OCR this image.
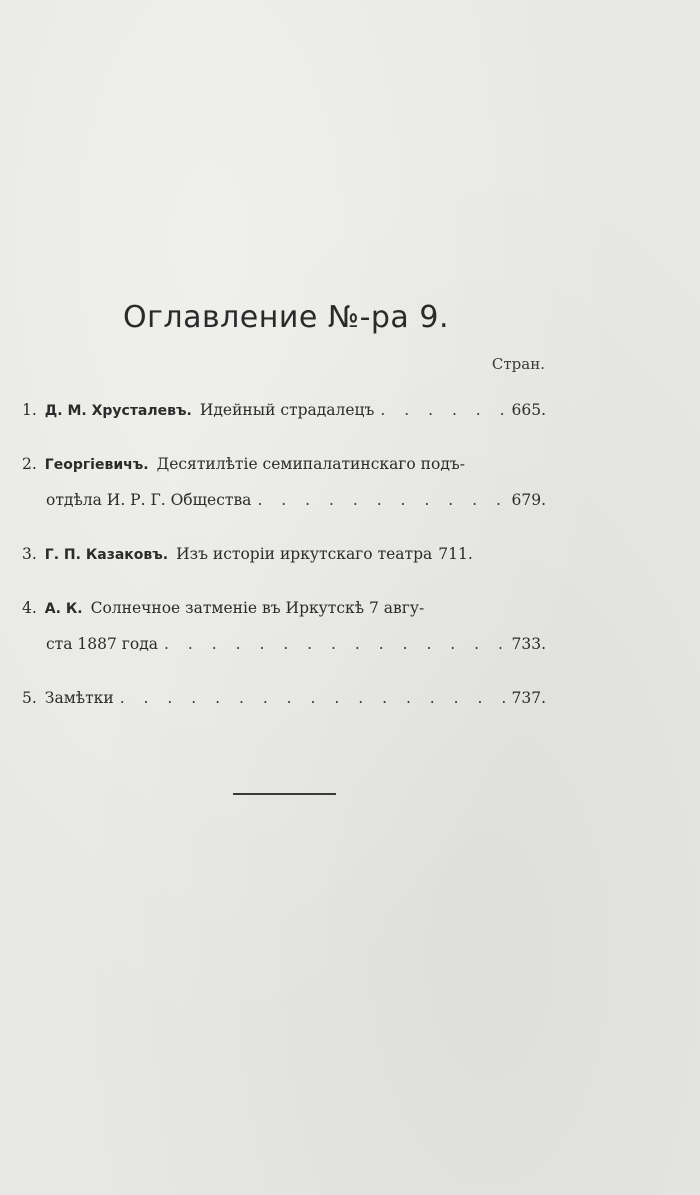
Оглавление №-ра 9.
Стран.
1. Д. М. Хрусталевъ. Идейный страдалецъ . . .	665.
2. Георгіевичъ. Десятилѣтіе семипалатинскаго подъ-
отдѣла И. Р. Г. Общества . . .	679.
3. Г. П. Казаковъ. Изъ исторіи иркутскаго театра 711.
4. А. К. Солнечное затменіе въ Иркутскѣ 7 авгу-
ста 1887 года . . .	733.
5. Замѣтки . . .	737.
